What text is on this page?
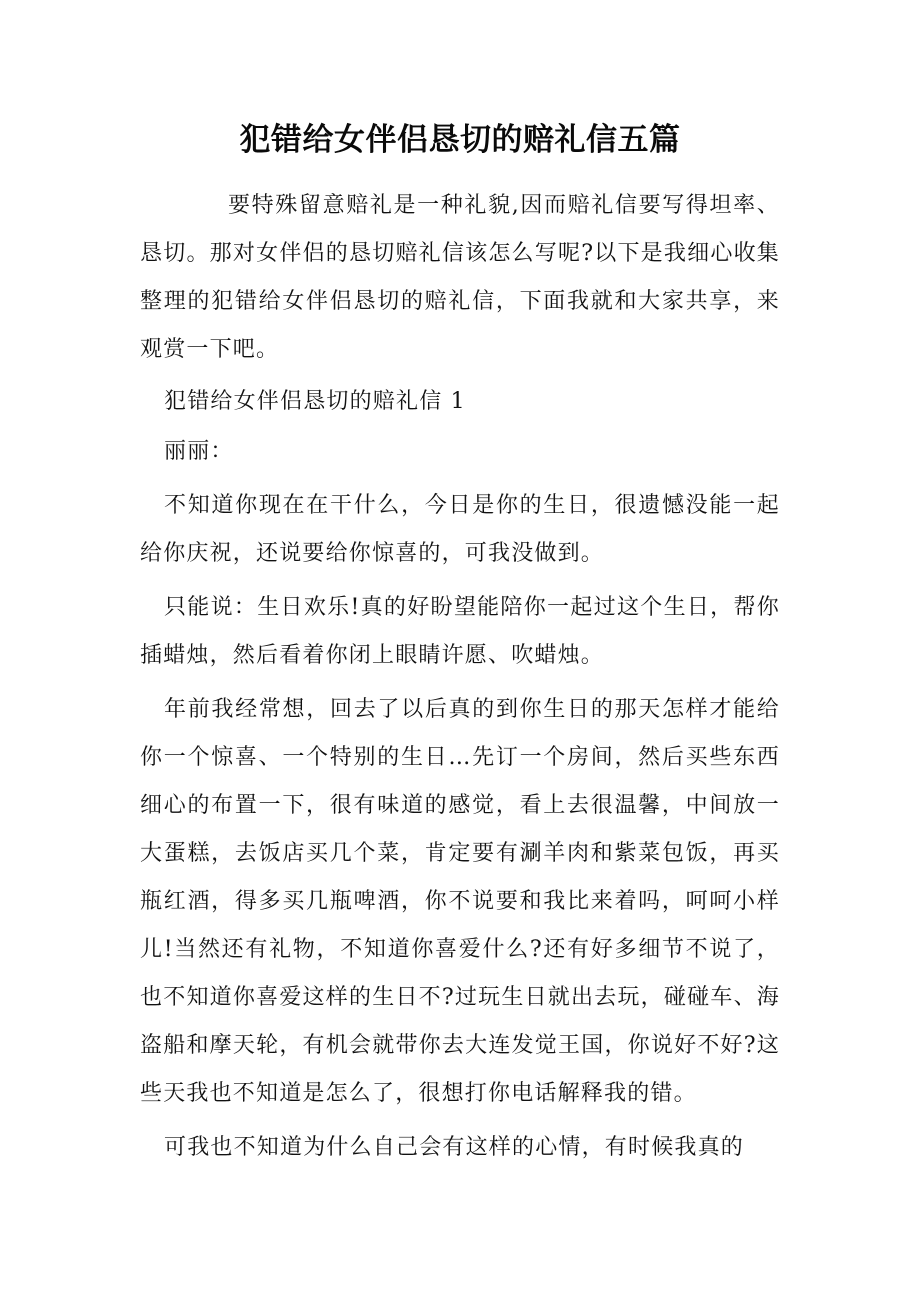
犯错给女伴侣恳切的赔礼信五篇

要特殊留意赔礼是一种礼貌,因而赔礼信要写得坦率、恳切。那对女伴侣的恳切赔礼信该怎么写呢?以下是我细心收集整理的犯错给女伴侣恳切的赔礼信，下面我就和大家共享，来观赏一下吧。

犯错给女伴侣恳切的赔礼信 1

丽丽：

不知道你现在在干什么，今日是你的生日，很遗憾没能一起给你庆祝，还说要给你惊喜的，可我没做到。

只能说：生日欢乐!真的好盼望能陪你一起过这个生日，帮你插蜡烛，然后看着你闭上眼睛许愿、吹蜡烛。

年前我经常想，回去了以后真的到你生日的那天怎样才能给你一个惊喜、一个特别的生日…先订一个房间，然后买些东西细心的布置一下，很有味道的感觉，看上去很温馨，中间放一大蛋糕，去饭店买几个菜，肯定要有涮羊肉和紫菜包饭，再买瓶红酒，得多买几瓶啤酒，你不说要和我比来着吗，呵呵小样儿!当然还有礼物，不知道你喜爱什么?还有好多细节不说了，也不知道你喜爱这样的生日不?过玩生日就出去玩，碰碰车、海盗船和摩天轮，有机会就带你去大连发觉王国，你说好不好?这些天我也不知道是怎么了，很想打你电话解释我的错。

可我也不知道为什么自己会有这样的心情，有时候我真的
